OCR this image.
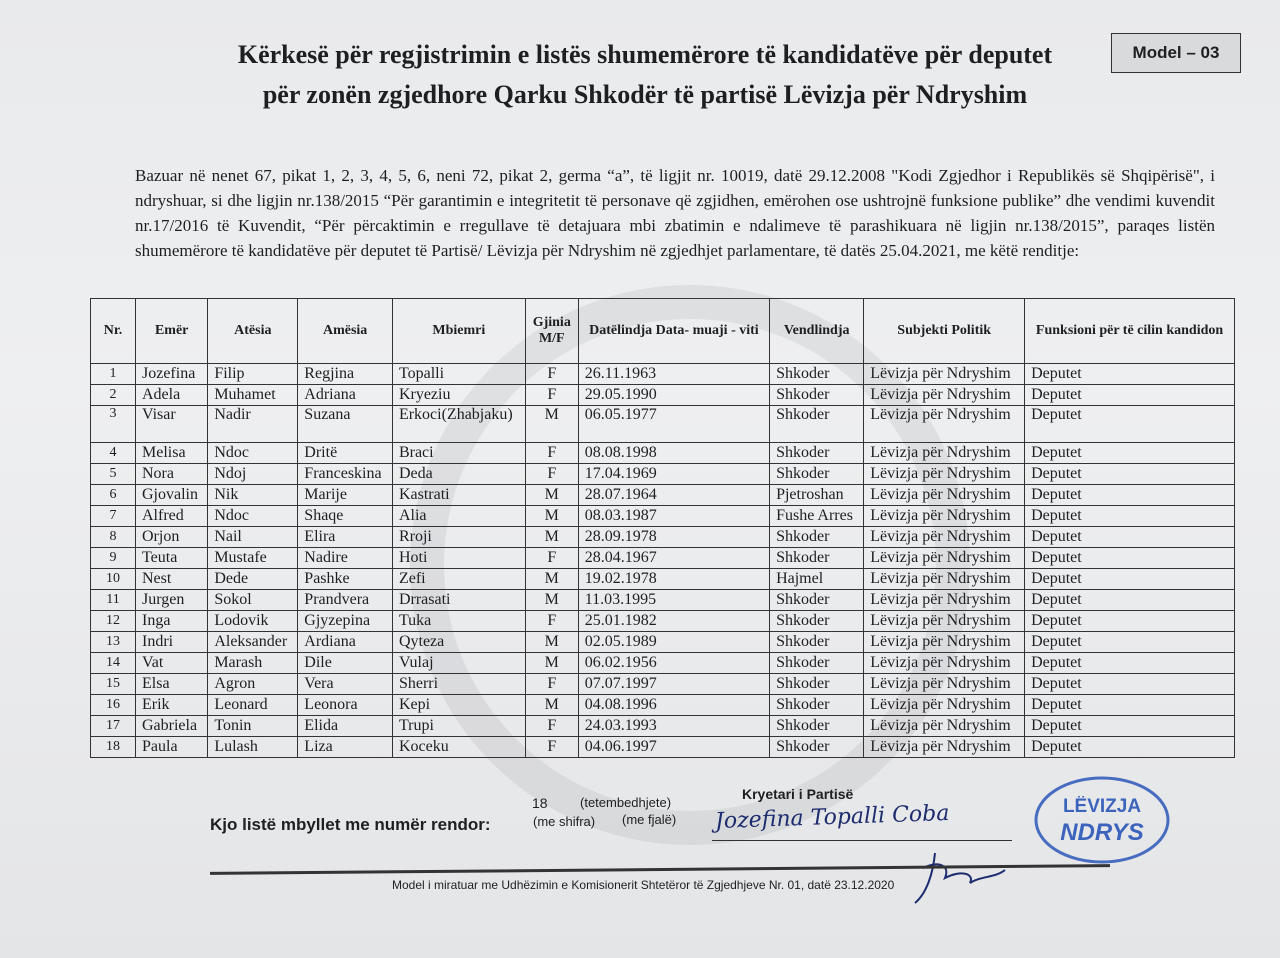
Model – 03
Kërkesë për regjistrimin e listës shumemërore të kandidatëve për deputet
për zonën zgjedhore Qarku Shkodër të partisë Lëvizja për Ndryshim
Bazuar në nenet 67, pikat 1, 2, 3, 4, 5, 6, neni 72, pikat 2, germa “a”, të ligjit nr. 10019, datë 29.12.2008 "Kodi Zgjedhor i Republikës së Shqipërisë", i ndryshuar, si dhe ligjin nr.138/2015 “Për garantimin e integritetit të personave që zgjidhen, emërohen ose ushtrojnë funksione publike” dhe vendimi kuvendit nr.17/2016 të Kuvendit, “Për përcaktimin e rregullave të detajuara mbi zbatimin e ndalimeve të parashikuara në ligjin nr.138/2015”, paraqes listën shumemërore të kandidatëve për deputet të Partisë/ Lëvizja për Ndryshim në zgjedhjet parlamentare, të datës 25.04.2021, me këtë renditje:
Nr.	Emër	Atësia	Amësia	Mbiemri	Gjinia M/F	Datëlindja Data- muaji - viti	Vendlindja	Subjekti Politik	Funksioni për të cilin kandidon
1	Jozefina	Filip	Regjina	Topalli	F	26.11.1963	Shkoder	Lëvizja për Ndryshim	Deputet
2	Adela	Muhamet	Adriana	Kryeziu	F	29.05.1990	Shkoder	Lëvizja për Ndryshim	Deputet
3	Visar	Nadir	Suzana	Erkoci(Zhabjaku)	M	06.05.1977	Shkoder	Lëvizja për Ndryshim	Deputet
4	Melisa	Ndoc	Dritë	Braci	F	08.08.1998	Shkoder	Lëvizja për Ndryshim	Deputet
5	Nora	Ndoj	Franceskina	Deda	F	17.04.1969	Shkoder	Lëvizja për Ndryshim	Deputet
6	Gjovalin	Nik	Marije	Kastrati	M	28.07.1964	Pjetroshan	Lëvizja për Ndryshim	Deputet
7	Alfred	Ndoc	Shaqe	Alia	M	08.03.1987	Fushe Arres	Lëvizja për Ndryshim	Deputet
8	Orjon	Nail	Elira	Rroji	M	28.09.1978	Shkoder	Lëvizja për Ndryshim	Deputet
9	Teuta	Mustafe	Nadire	Hoti	F	28.04.1967	Shkoder	Lëvizja për Ndryshim	Deputet
10	Nest	Dede	Pashke	Zefi	M	19.02.1978	Hajmel	Lëvizja për Ndryshim	Deputet
11	Jurgen	Sokol	Prandvera	Drrasati	M	11.03.1995	Shkoder	Lëvizja për Ndryshim	Deputet
12	Inga	Lodovik	Gjyzepina	Tuka	F	25.01.1982	Shkoder	Lëvizja për Ndryshim	Deputet
13	Indri	Aleksander	Ardiana	Qyteza	M	02.05.1989	Shkoder	Lëvizja për Ndryshim	Deputet
14	Vat	Marash	Dile	Vulaj	M	06.02.1956	Shkoder	Lëvizja për Ndryshim	Deputet
15	Elsa	Agron	Vera	Sherri	F	07.07.1997	Shkoder	Lëvizja për Ndryshim	Deputet
16	Erik	Leonard	Leonora	Kepi	M	04.08.1996	Shkoder	Lëvizja për Ndryshim	Deputet
17	Gabriela	Tonin	Elida	Trupi	F	24.03.1993	Shkoder	Lëvizja për Ndryshim	Deputet
18	Paula	Lulash	Liza	Koceku	F	04.06.1997	Shkoder	Lëvizja për Ndryshim	Deputet
Kjo listë mbyllet me numër rendor:
18
(me shifra)
(tetembedhjete)
(me fjalë)
Kryetari i Partisë
Jozefina Topalli Coba	LËVIZJA
NDRYS
Model i miratuar me Udhëzimin e Komisionerit Shtetëror të Zgjedhjeve Nr. 01, datë 23.12.2020
